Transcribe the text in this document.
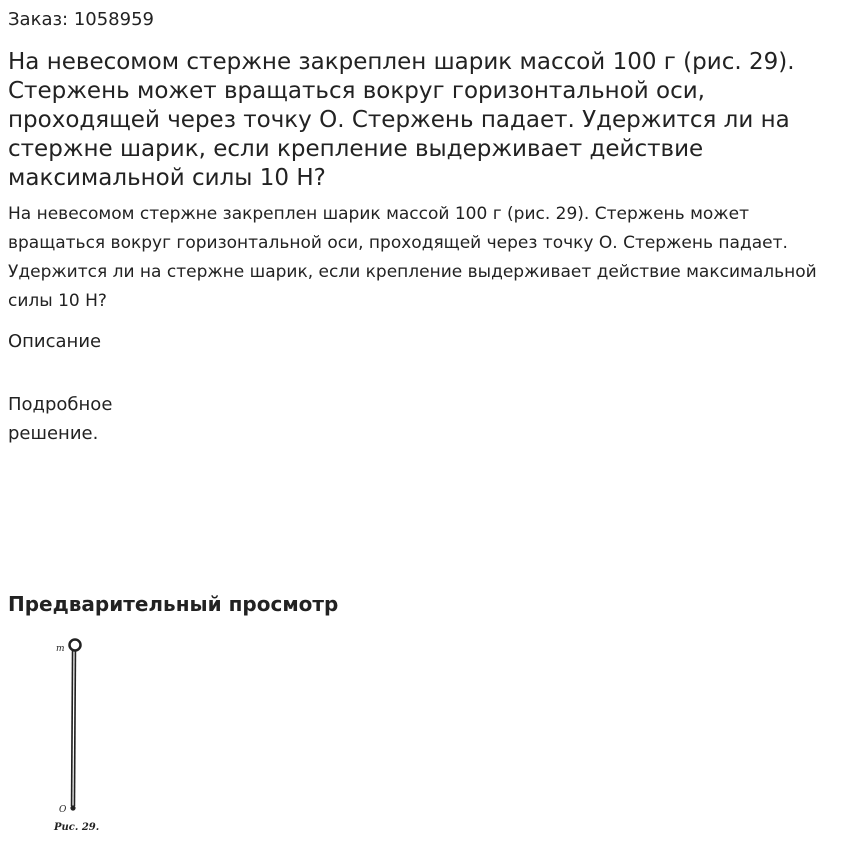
Заказ: 1058959
На невесомом стержне закреплен шарик массой 100 г (рис. 29). Стержень может вращаться вокруг горизонтальной оси, проходящей через точку О. Стержень падает. Удержится ли на стержне шарик, если крепление выдерживает действие максимальной силы 10 Н?

На невесомом стержне закреплен шарик массой 100 г (рис. 29). Стержень может вращаться вокруг горизонтальной оси, проходящей через точку О. Стержень падает. Удержится ли на стержне шарик, если крепление выдерживает действие максимальной силы 10 Н?

Описание
Подробное
решение.
Предварительный просмотр
m
O
Рис. 29.
